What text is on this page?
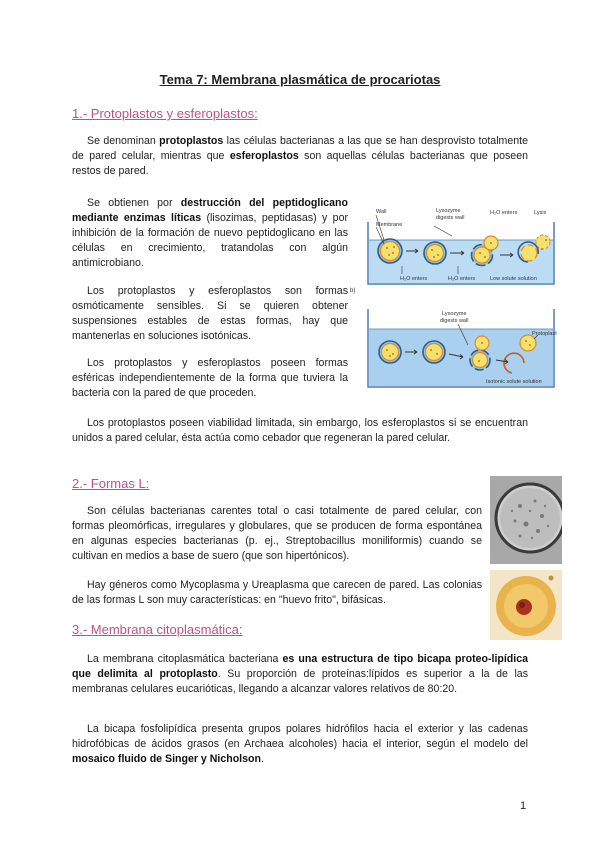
Tema 7: Membrana plasmática de procariotas
1.- Protoplastos y esferoplastos:
Se denominan protoplastos las células bacterianas a las que se han desprovisto totalmente de pared celular, mientras que esferoplastos son aquellas células bacterianas que poseen restos de pared.
Se obtienen por destrucción del peptidoglicano mediante enzimas líticas (lisozimas, peptidasas) y por inhibición de la formación de nuevo peptidoglicano en las células en crecimiento, tratandolas con algún antimicrobiano.
Los protoplastos y esferoplastos son formas osmóticamente sensibles. Si se quieren obtener suspensiones estables de estas formas, hay que mantenerlas en soluciones isotónicas.
Los protoplastos y esferoplastos poseen formas esféricas independientemente de la forma que tuviera la bacteria con la pared de que proceden.
Los protoplastos poseen viabilidad limitada, sin embargo, los esferoplastos si se encuentran unidos a pared celular, ésta actúa como cebador que regeneran la pared celular.
Wall
Membrane
Lysozyme
digests wall
H₂O enters	Lysis
H₂O enters	H₂O enters	Low solute solution
b)
Lysozyme
digests wall
Protoplast
Isotonic solute solution
2.- Formas L:
Son células bacterianas carentes total o casi totalmente de pared celular, con formas pleomórficas, irregulares y globulares, que se producen de forma espontánea en algunas especies bacterianas (p. ej., Streptobacillus moniliformis) cuando se cultivan en medios a base de suero (que son hipertónicos).
Hay géneros como Mycoplasma y Ureaplasma que carecen de pared. Las colonias de las formas L son muy características: en "huevo frito", bifásicas.
3.- Membrana citoplasmática:
La membrana citoplasmática bacteriana es una estructura de tipo bicapa proteo-lipídica que delimita al protoplasto. Su proporción de proteínas:lípidos es superior a la de las membranas celulares eucarióticas, llegando a alcanzar valores relativos de 80:20.
La bicapa fosfolipídica presenta grupos polares hidrófilos hacia el exterior y las cadenas hidrofóbicas de ácidos grasos (en Archaea alcoholes) hacia el interior, según el modelo del mosaico fluido de Singer y Nicholson.
1
